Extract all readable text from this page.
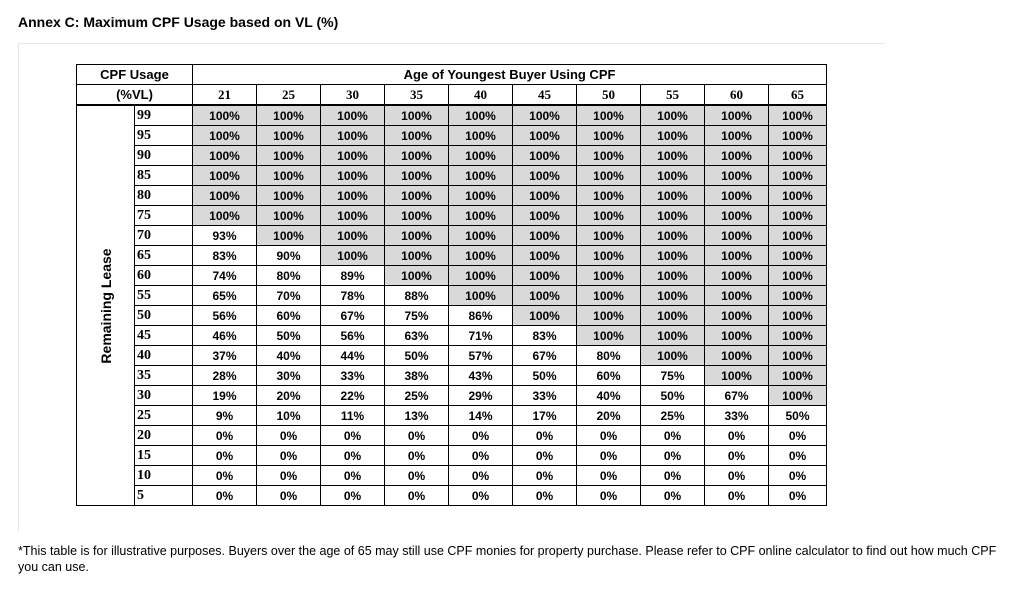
Annex C: Maximum CPF Usage based on VL (%)
CPF Usage		Age of Youngest Buyer Using CPF									
(%VL)		21	25	30	35	40	45	50	55	60	65

Remaining Lease	99	100%	100%	100%	100%	100%	100%	100%	100%	100%	100%
	95	100%	100%	100%	100%	100%	100%	100%	100%	100%	100%
	90	100%	100%	100%	100%	100%	100%	100%	100%	100%	100%
	85	100%	100%	100%	100%	100%	100%	100%	100%	100%	100%
	80	100%	100%	100%	100%	100%	100%	100%	100%	100%	100%
	75	100%	100%	100%	100%	100%	100%	100%	100%	100%	100%
	70	93%	100%	100%	100%	100%	100%	100%	100%	100%	100%
	65	83%	90%	100%	100%	100%	100%	100%	100%	100%	100%
	60	74%	80%	89%	100%	100%	100%	100%	100%	100%	100%
	55	65%	70%	78%	88%	100%	100%	100%	100%	100%	100%
	50	56%	60%	67%	75%	86%	100%	100%	100%	100%	100%
	45	46%	50%	56%	63%	71%	83%	100%	100%	100%	100%
	40	37%	40%	44%	50%	57%	67%	80%	100%	100%	100%
	35	28%	30%	33%	38%	43%	50%	60%	75%	100%	100%
	30	19%	20%	22%	25%	29%	33%	40%	50%	67%	100%
	25	9%	10%	11%	13%	14%	17%	20%	25%	33%	50%
	20	0%	0%	0%	0%	0%	0%	0%	0%	0%	0%
	15	0%	0%	0%	0%	0%	0%	0%	0%	0%	0%
	10	0%	0%	0%	0%	0%	0%	0%	0%	0%	0%
	5	0%	0%	0%	0%	0%	0%	0%	0%	0%	0%
*This table is for illustrative purposes. Buyers over the age of 65 may still use CPF monies for property purchase. Please refer to CPF online calculator to find out how much CPF you can use.
